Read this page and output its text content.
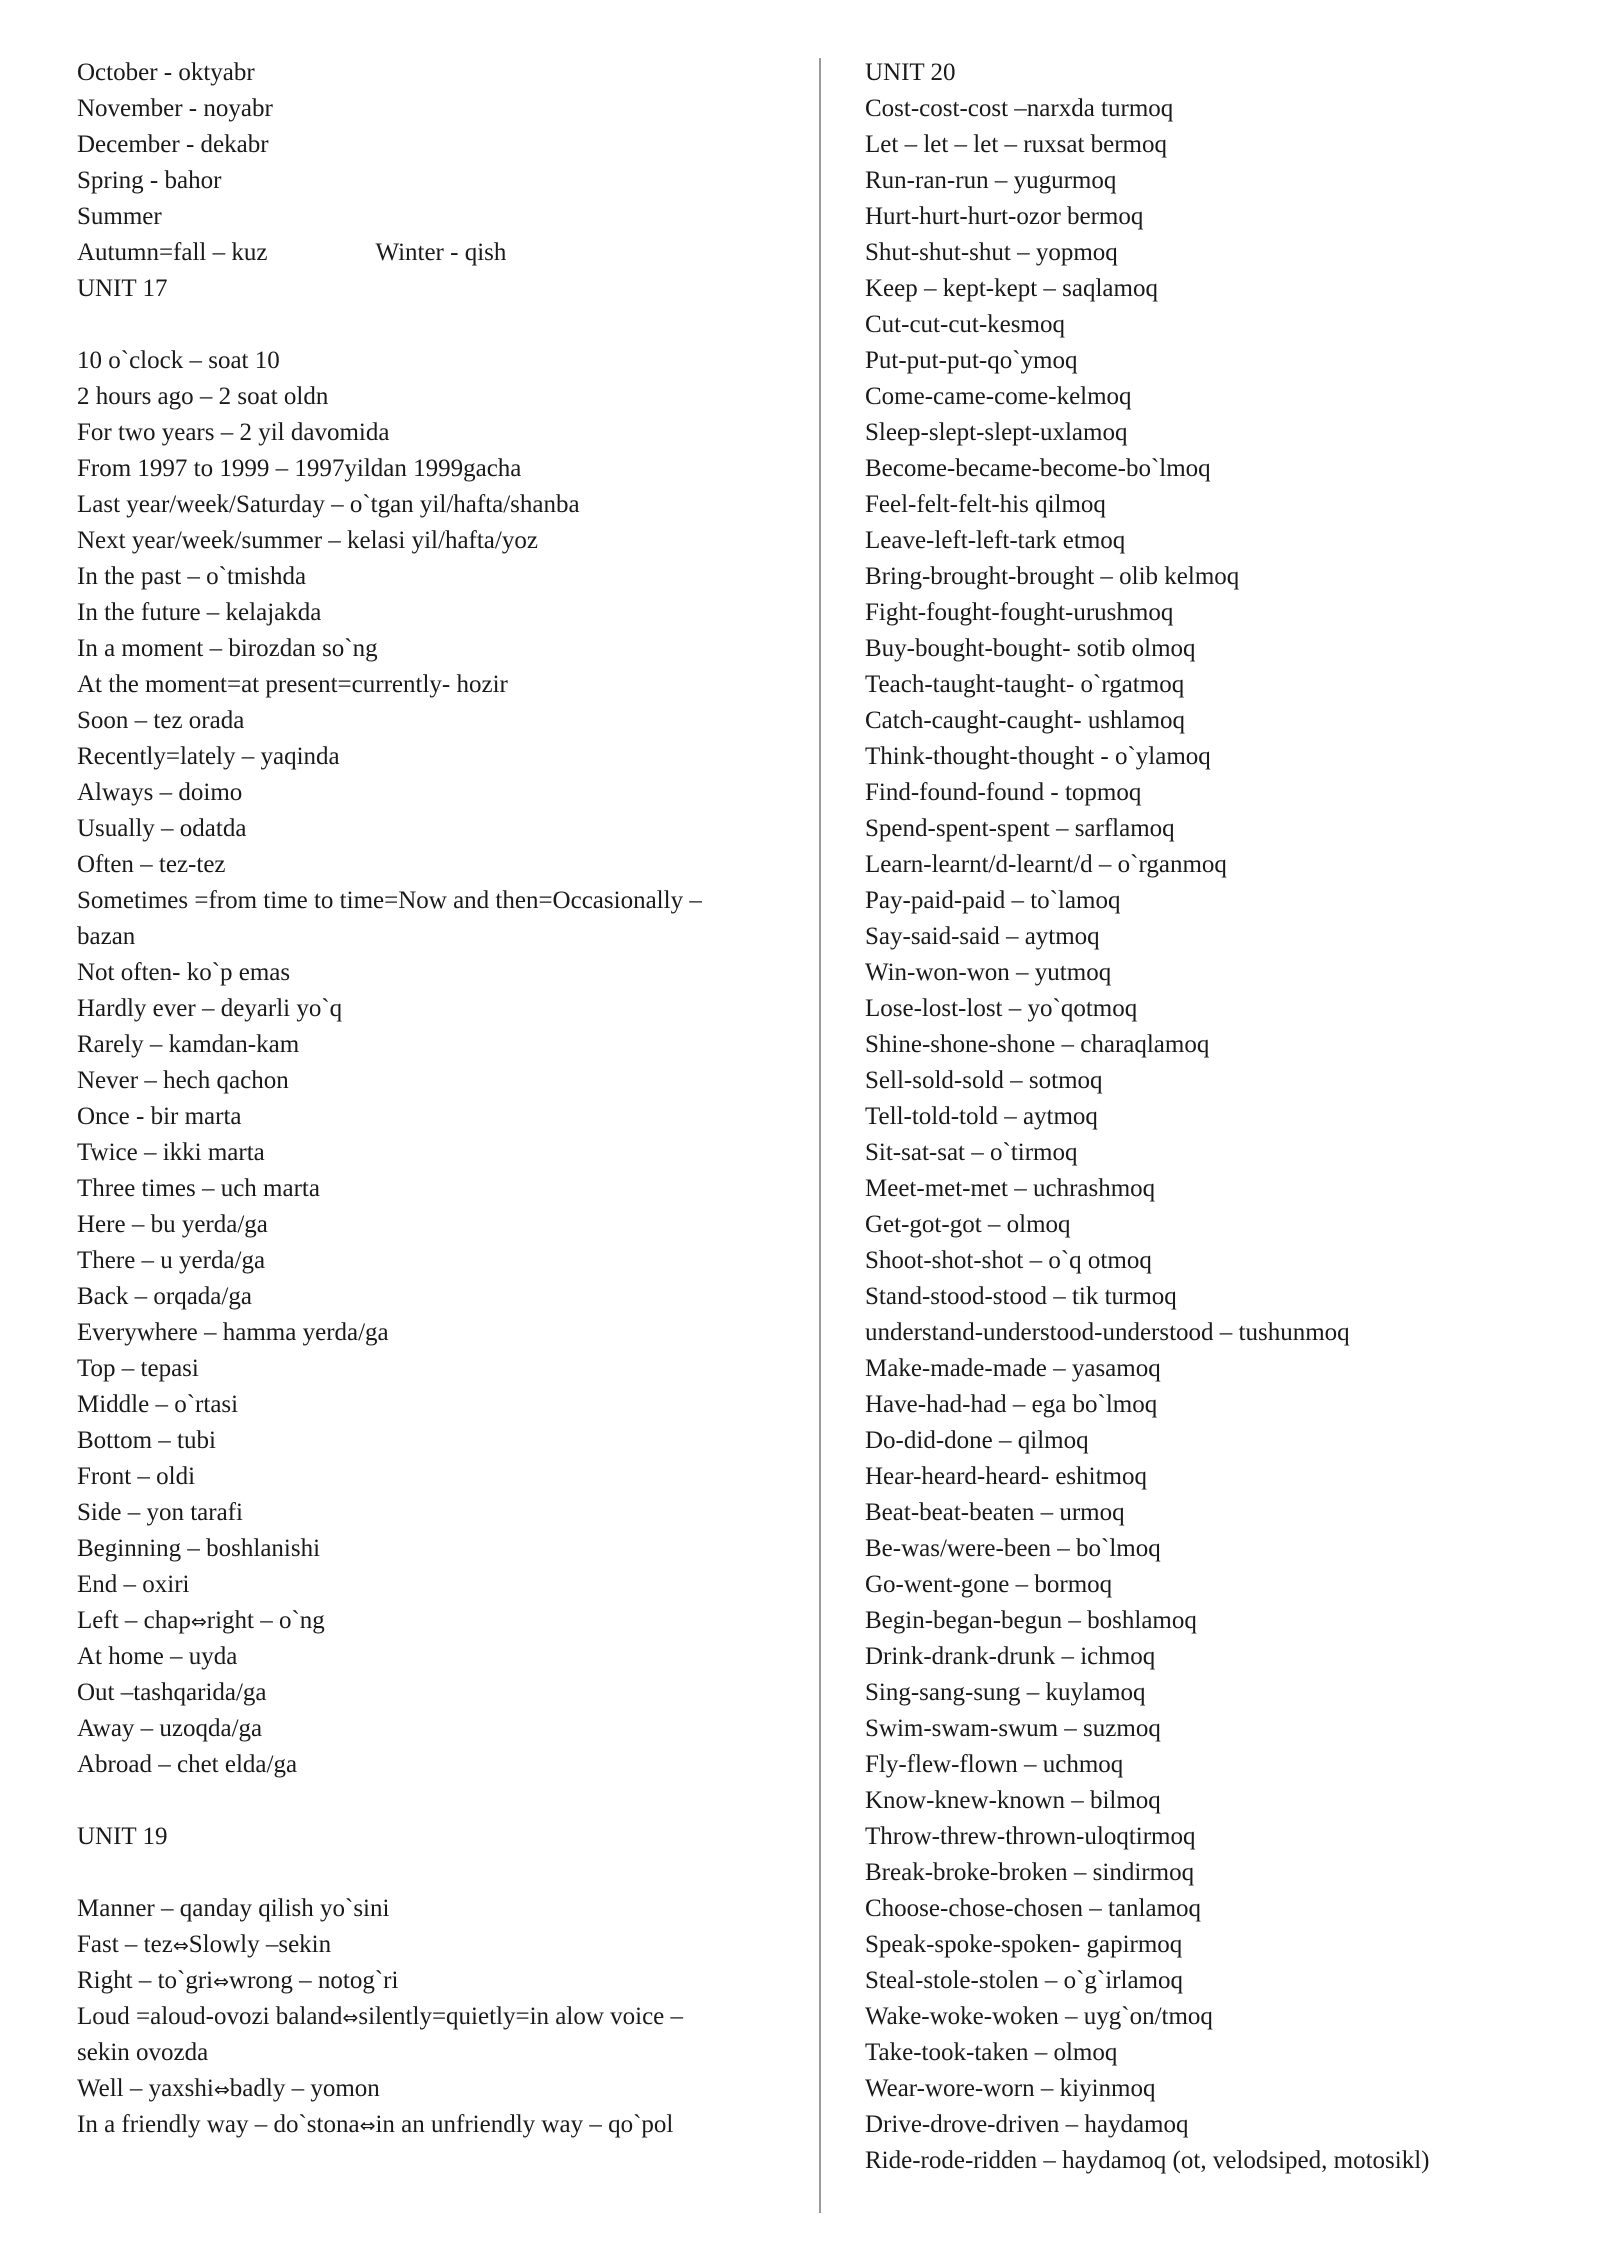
October - oktyabr
November - noyabr
December - dekabr
Spring - bahor
Summer
Autumn=fall – kuz	Winter - qish
UNIT 17
10 o`clock – soat 10
2 hours ago – 2 soat oldn
For two years – 2 yil davomida
From 1997 to 1999 – 1997yildan 1999gacha
Last year/week/Saturday – o`tgan yil/hafta/shanba
Next year/week/summer – kelasi yil/hafta/yoz
In the past – o`tmishda
In the future – kelajakda
In a moment – birozdan so`ng
At the moment=at present=currently- hozir
Soon – tez orada
Recently=lately – yaqinda
Always – doimo
Usually – odatda
Often – tez-tez
Sometimes =from time to time=Now and then=Occasionally –
bazan
Not often- ko`p emas
Hardly ever – deyarli yo`q
Rarely – kamdan-kam
Never – hech qachon
Once - bir marta
Twice – ikki marta
Three times – uch marta
Here – bu yerda/ga
There – u yerda/ga
Back – orqada/ga
Everywhere – hamma yerda/ga
Top – tepasi
Middle – o`rtasi
Bottom – tubi
Front – oldi
Side – yon tarafi
Beginning – boshlanishi
End – oxiri
Left – chap⇔right – o`ng
At home – uyda
Out –tashqarida/ga
Away – uzoqda/ga
Abroad – chet elda/ga
UNIT 19
Manner – qanday qilish yo`sini
Fast – tez⇔Slowly –sekin
Right – to`gri⇔wrong – notog`ri
Loud =aloud-ovozi baland⇔silently=quietly=in alow voice –
sekin ovozda
Well – yaxshi⇔badly – yomon
In a friendly way – do`stona⇔in an unfriendly way – qo`pol
UNIT 20
Cost-cost-cost –narxda turmoq
Let – let – let – ruxsat bermoq
Run-ran-run – yugurmoq
Hurt-hurt-hurt-ozor bermoq
Shut-shut-shut – yopmoq
Keep – kept-kept – saqlamoq
Cut-cut-cut-kesmoq
Put-put-put-qo`ymoq
Come-came-come-kelmoq
Sleep-slept-slept-uxlamoq
Become-became-become-bo`lmoq
Feel-felt-felt-his qilmoq
Leave-left-left-tark etmoq
Bring-brought-brought – olib kelmoq
Fight-fought-fought-urushmoq
Buy-bought-bought- sotib olmoq
Teach-taught-taught- o`rgatmoq
Catch-caught-caught- ushlamoq
Think-thought-thought - o`ylamoq
Find-found-found - topmoq
Spend-spent-spent – sarflamoq
Learn-learnt/d-learnt/d – o`rganmoq
Pay-paid-paid – to`lamoq
Say-said-said – aytmoq
Win-won-won – yutmoq
Lose-lost-lost – yo`qotmoq
Shine-shone-shone – charaqlamoq
Sell-sold-sold – sotmoq
Tell-told-told – aytmoq
Sit-sat-sat – o`tirmoq
Meet-met-met – uchrashmoq
Get-got-got – olmoq
Shoot-shot-shot – o`q otmoq
Stand-stood-stood – tik turmoq
understand-understood-understood – tushunmoq
Make-made-made – yasamoq
Have-had-had – ega bo`lmoq
Do-did-done – qilmoq
Hear-heard-heard- eshitmoq
Beat-beat-beaten – urmoq
Be-was/were-been – bo`lmoq
Go-went-gone – bormoq
Begin-began-begun – boshlamoq
Drink-drank-drunk – ichmoq
Sing-sang-sung – kuylamoq
Swim-swam-swum – suzmoq
Fly-flew-flown – uchmoq
Know-knew-known – bilmoq
Throw-threw-thrown-uloqtirmoq
Break-broke-broken – sindirmoq
Choose-chose-chosen – tanlamoq
Speak-spoke-spoken- gapirmoq
Steal-stole-stolen – o`g`irlamoq
Wake-woke-woken – uyg`on/tmoq
Take-took-taken – olmoq
Wear-wore-worn – kiyinmoq
Drive-drove-driven – haydamoq
Ride-rode-ridden – haydamoq (ot, velodsiped, motosikl)
